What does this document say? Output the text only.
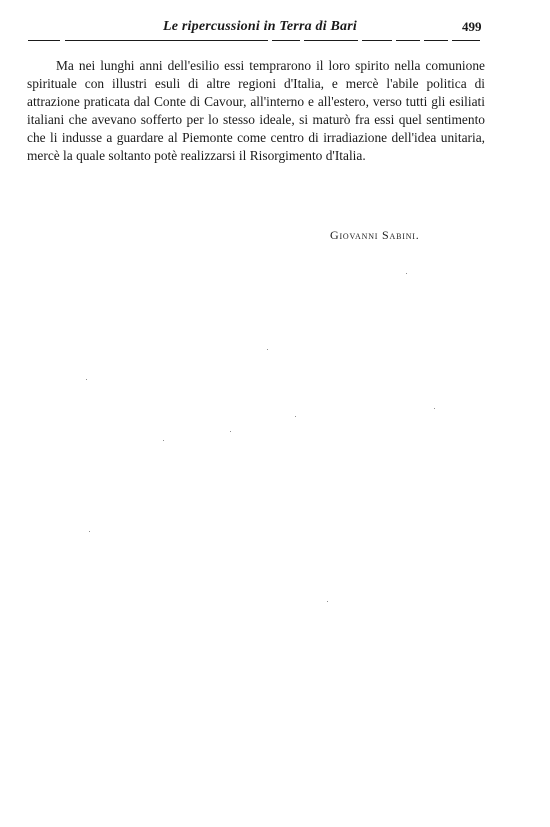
Le ripercussioni in Terra di Bari	499

Ma nei lunghi anni dell'esilio essi temprarono il loro spirito nella comunione spirituale con illustri esuli di altre regioni d'Italia, e mercè l'abile politica di attrazione praticata dal Conte di Cavour, all'interno e all'estero, verso tutti gli esiliati italiani che avevano sofferto per lo stesso ideale, si maturò fra essi quel sentimento che li indusse a guardare al Piemonte come centro di irradiazione dell'idea unitaria, mercè la quale soltanto potè realizzarsi il Risorgimento d'Italia.

Giovanni Sabini.
